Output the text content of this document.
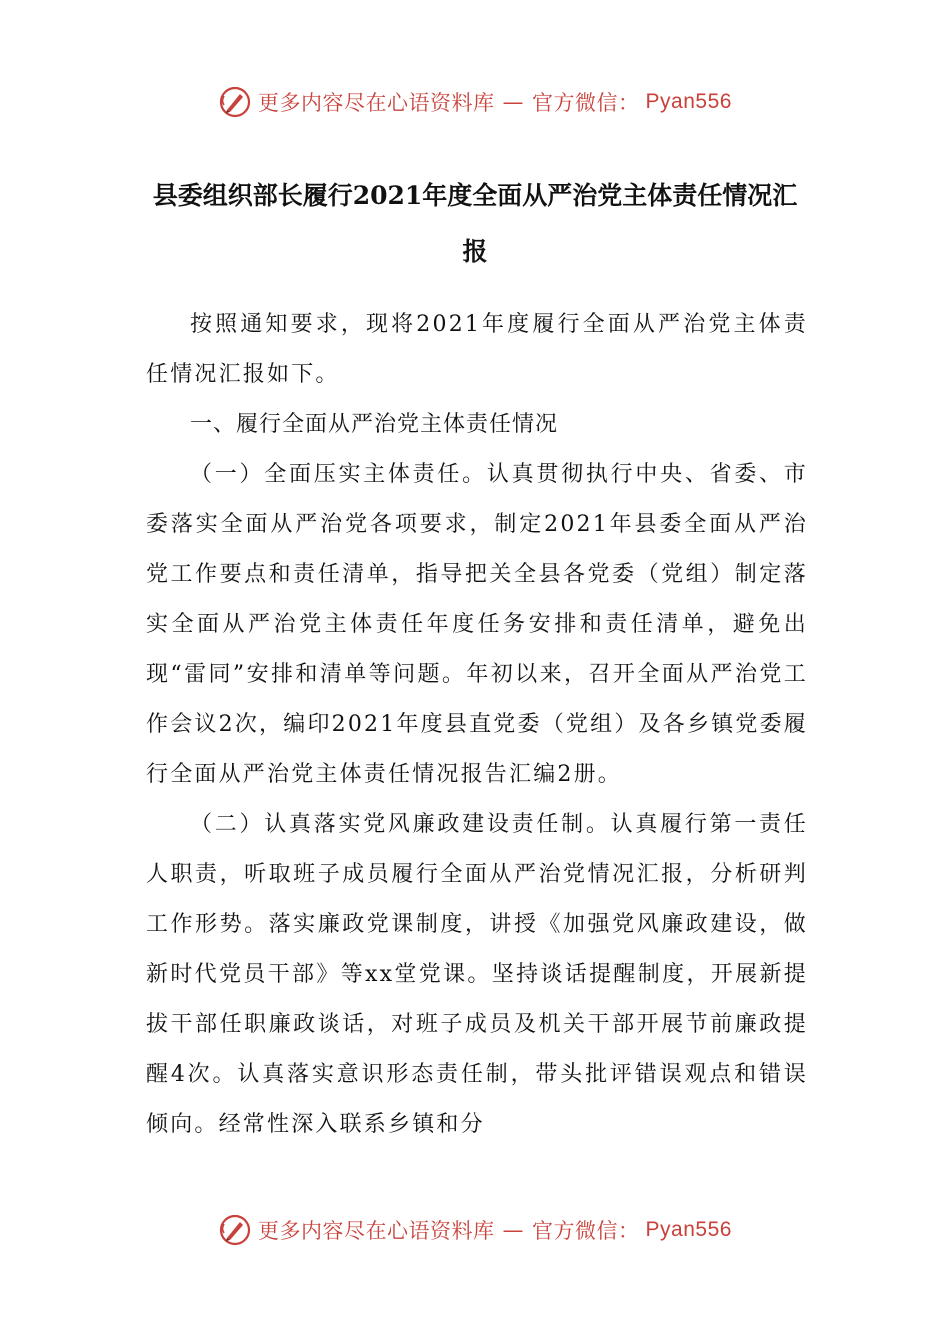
更多内容尽在心语资料库 — 官方微信： Pyan556
县委组织部长履行2021年度全面从严治党主体责任情况汇
报

按照通知要求，现将2021年度履行全面从严治党主体责任情况汇报如下。

一、履行全面从严治党主体责任情况

（一）全面压实主体责任。认真贯彻执行中央、省委、市委落实全面从严治党各项要求，制定2021年县委全面从严治党工作要点和责任清单，指导把关全县各党委（党组）制定落实全面从严治党主体责任年度任务安排和责任清单，避免出现“雷同”安排和清单等问题。年初以来，召开全面从严治党工作会议2次，编印2021年度县直党委（党组）及各乡镇党委履行全面从严治党主体责任情况报告汇编2册。

（二）认真落实党风廉政建设责任制。认真履行第一责任人职责，听取班子成员履行全面从严治党情况汇报，分析研判工作形势。落实廉政党课制度，讲授《加强党风廉政建设，做新时代党员干部》等xx堂党课。坚持谈话提醒制度，开展新提拔干部任职廉政谈话，对班子成员及机关干部开展节前廉政提醒4次。认真落实意识形态责任制，带头批评错误观点和错误倾向。经常性深入联系乡镇和分

更多内容尽在心语资料库 — 官方微信： Pyan556
